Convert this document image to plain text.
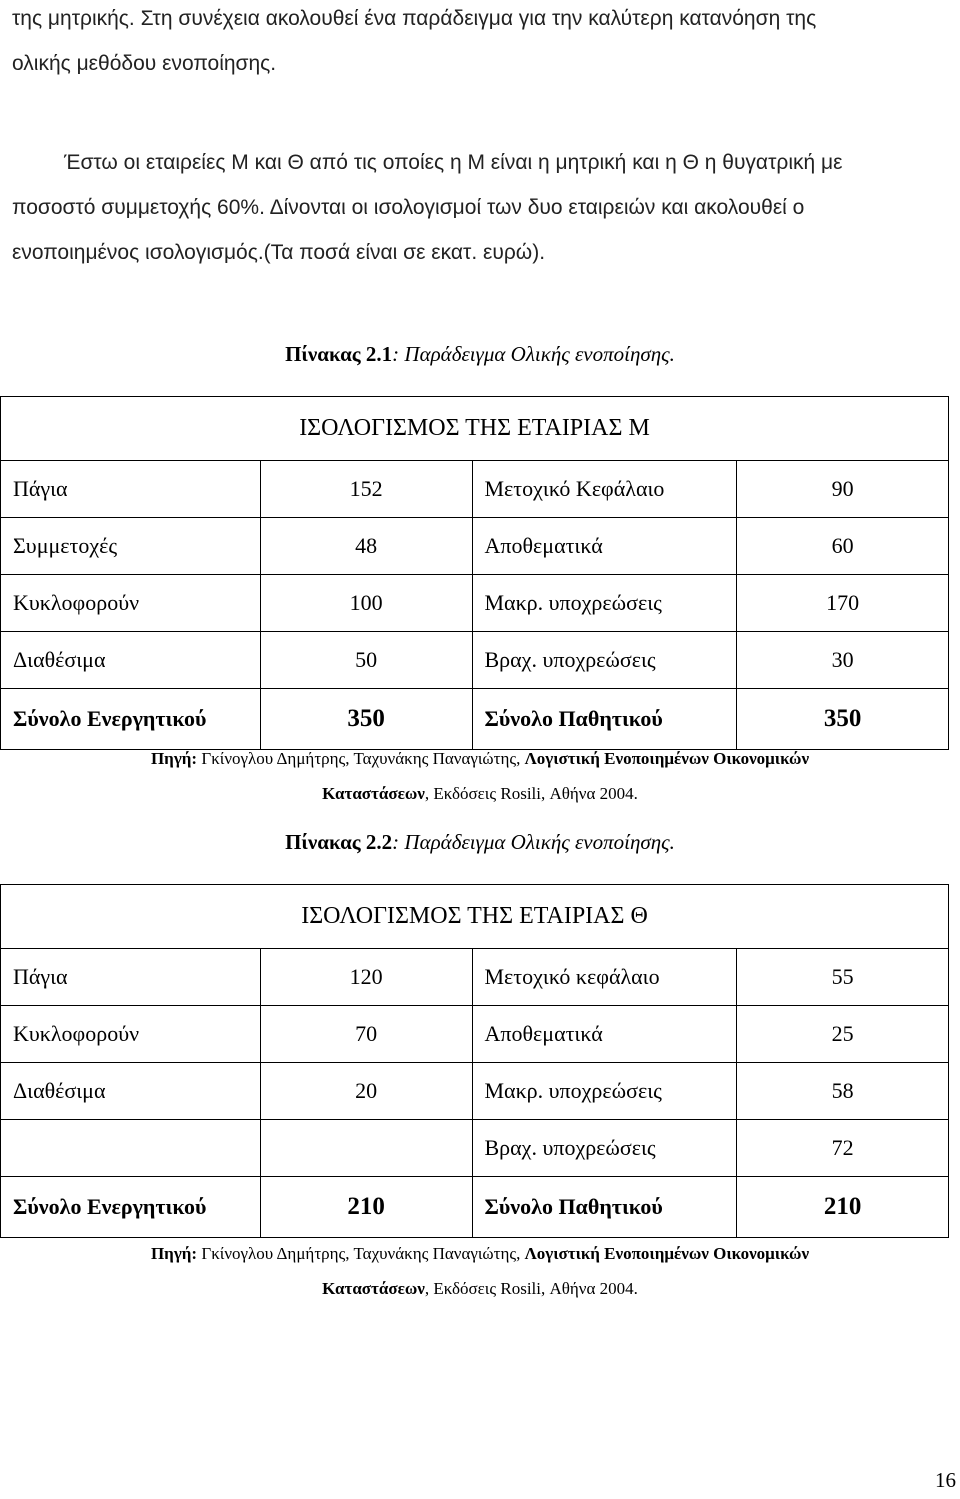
της μητρικής. Στη συνέχεια ακολουθεί ένα παράδειγμα για την καλύτερη κατανόηση της
ολικής μεθόδου ενοποίησης.
Έστω οι εταιρείες Μ και Θ από τις οποίες η Μ είναι η μητρική και η Θ η θυγατρική με
ποσοστό συμμετοχής 60%. Δίνονται οι ισολογισμοί των δυο εταιρειών και ακολουθεί ο
ενοποιημένος ισολογισμός.(Τα ποσά είναι σε εκατ. ευρώ).
Πίνακας 2.1: Παράδειγμα Ολικής ενοποίησης.
ΙΣΟΛΟΓΙΣΜΟΣ ΤΗΣ ΕΤΑΙΡΙΑΣ Μ			
Πάγια	152	Μετοχικό Κεφάλαιο	90
Συμμετοχές	48	Αποθεματικά	60
Κυκλοφορούν	100	Μακρ. υποχρεώσεις	170
Διαθέσιμα	50	Βραχ. υποχρεώσεις	30
Σύνολο Ενεργητικού	350	Σύνολο Παθητικού	350
Πηγή: Γκίνογλου Δημήτρης, Ταχυνάκης Παναγιώτης, Λογιστική Ενοποιημένων Οικονομικών
Καταστάσεων, Εκδόσεις Rosili, Αθήνα 2004.
Πίνακας 2.2: Παράδειγμα Ολικής ενοποίησης.
ΙΣΟΛΟΓΙΣΜΟΣ ΤΗΣ ΕΤΑΙΡΙΑΣ Θ			
Πάγια	120	Μετοχικό κεφάλαιο	55
Κυκλοφορούν	70	Αποθεματικά	25
Διαθέσιμα	20	Μακρ. υποχρεώσεις	58
		Βραχ. υποχρεώσεις	72
Σύνολο Ενεργητικού	210	Σύνολο Παθητικού	210
Πηγή: Γκίνογλου Δημήτρης, Ταχυνάκης Παναγιώτης, Λογιστική Ενοποιημένων Οικονομικών
Καταστάσεων, Εκδόσεις Rosili, Αθήνα 2004.
16
